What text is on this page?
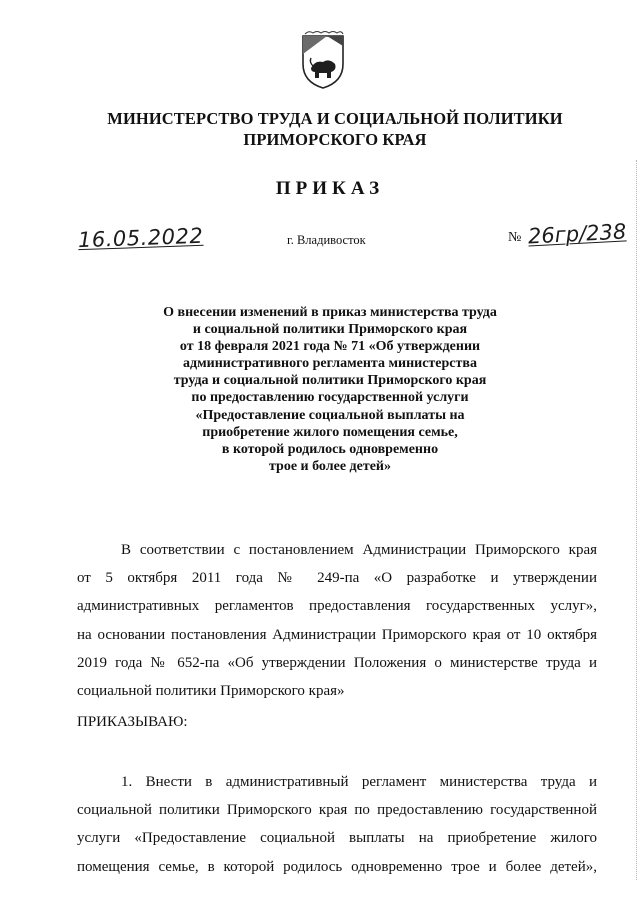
МИНИСТЕРСТВО ТРУДА И СОЦИАЛЬНОЙ ПОЛИТИКИ
ПРИМОРСКОГО КРАЯ
ПРИКАЗ
16.05.2022	г. Владивосток	№ 26гр/238
О внесении изменений в приказ министерства труда
и социальной политики Приморского края
от 18 февраля 2021 года № 71 «Об утверждении
административного регламента министерства
труда и социальной политики Приморского края
по предоставлению государственной услуги
«Предоставление социальной выплаты на
приобретение жилого помещения семье,
в которой родилось одновременно
трое и более детей»
В соответствии с постановлением Администрации Приморского края
от 5 октября 2011 года № 249-па «О разработке и утверждении
административных регламентов предоставления государственных услуг»,
на основании постановления Администрации Приморского края от 10 октября
2019 года № 652-па «Об утверждении Положения о министерстве труда и
социальной политики Приморского края»
ПРИКАЗЫВАЮ:
1. Внести в административный регламент министерства труда и
социальной политики Приморского края по предоставлению государственной
услуги «Предоставление социальной выплаты на приобретение жилого
помещения семье, в которой родилось одновременно трое и более детей»,
